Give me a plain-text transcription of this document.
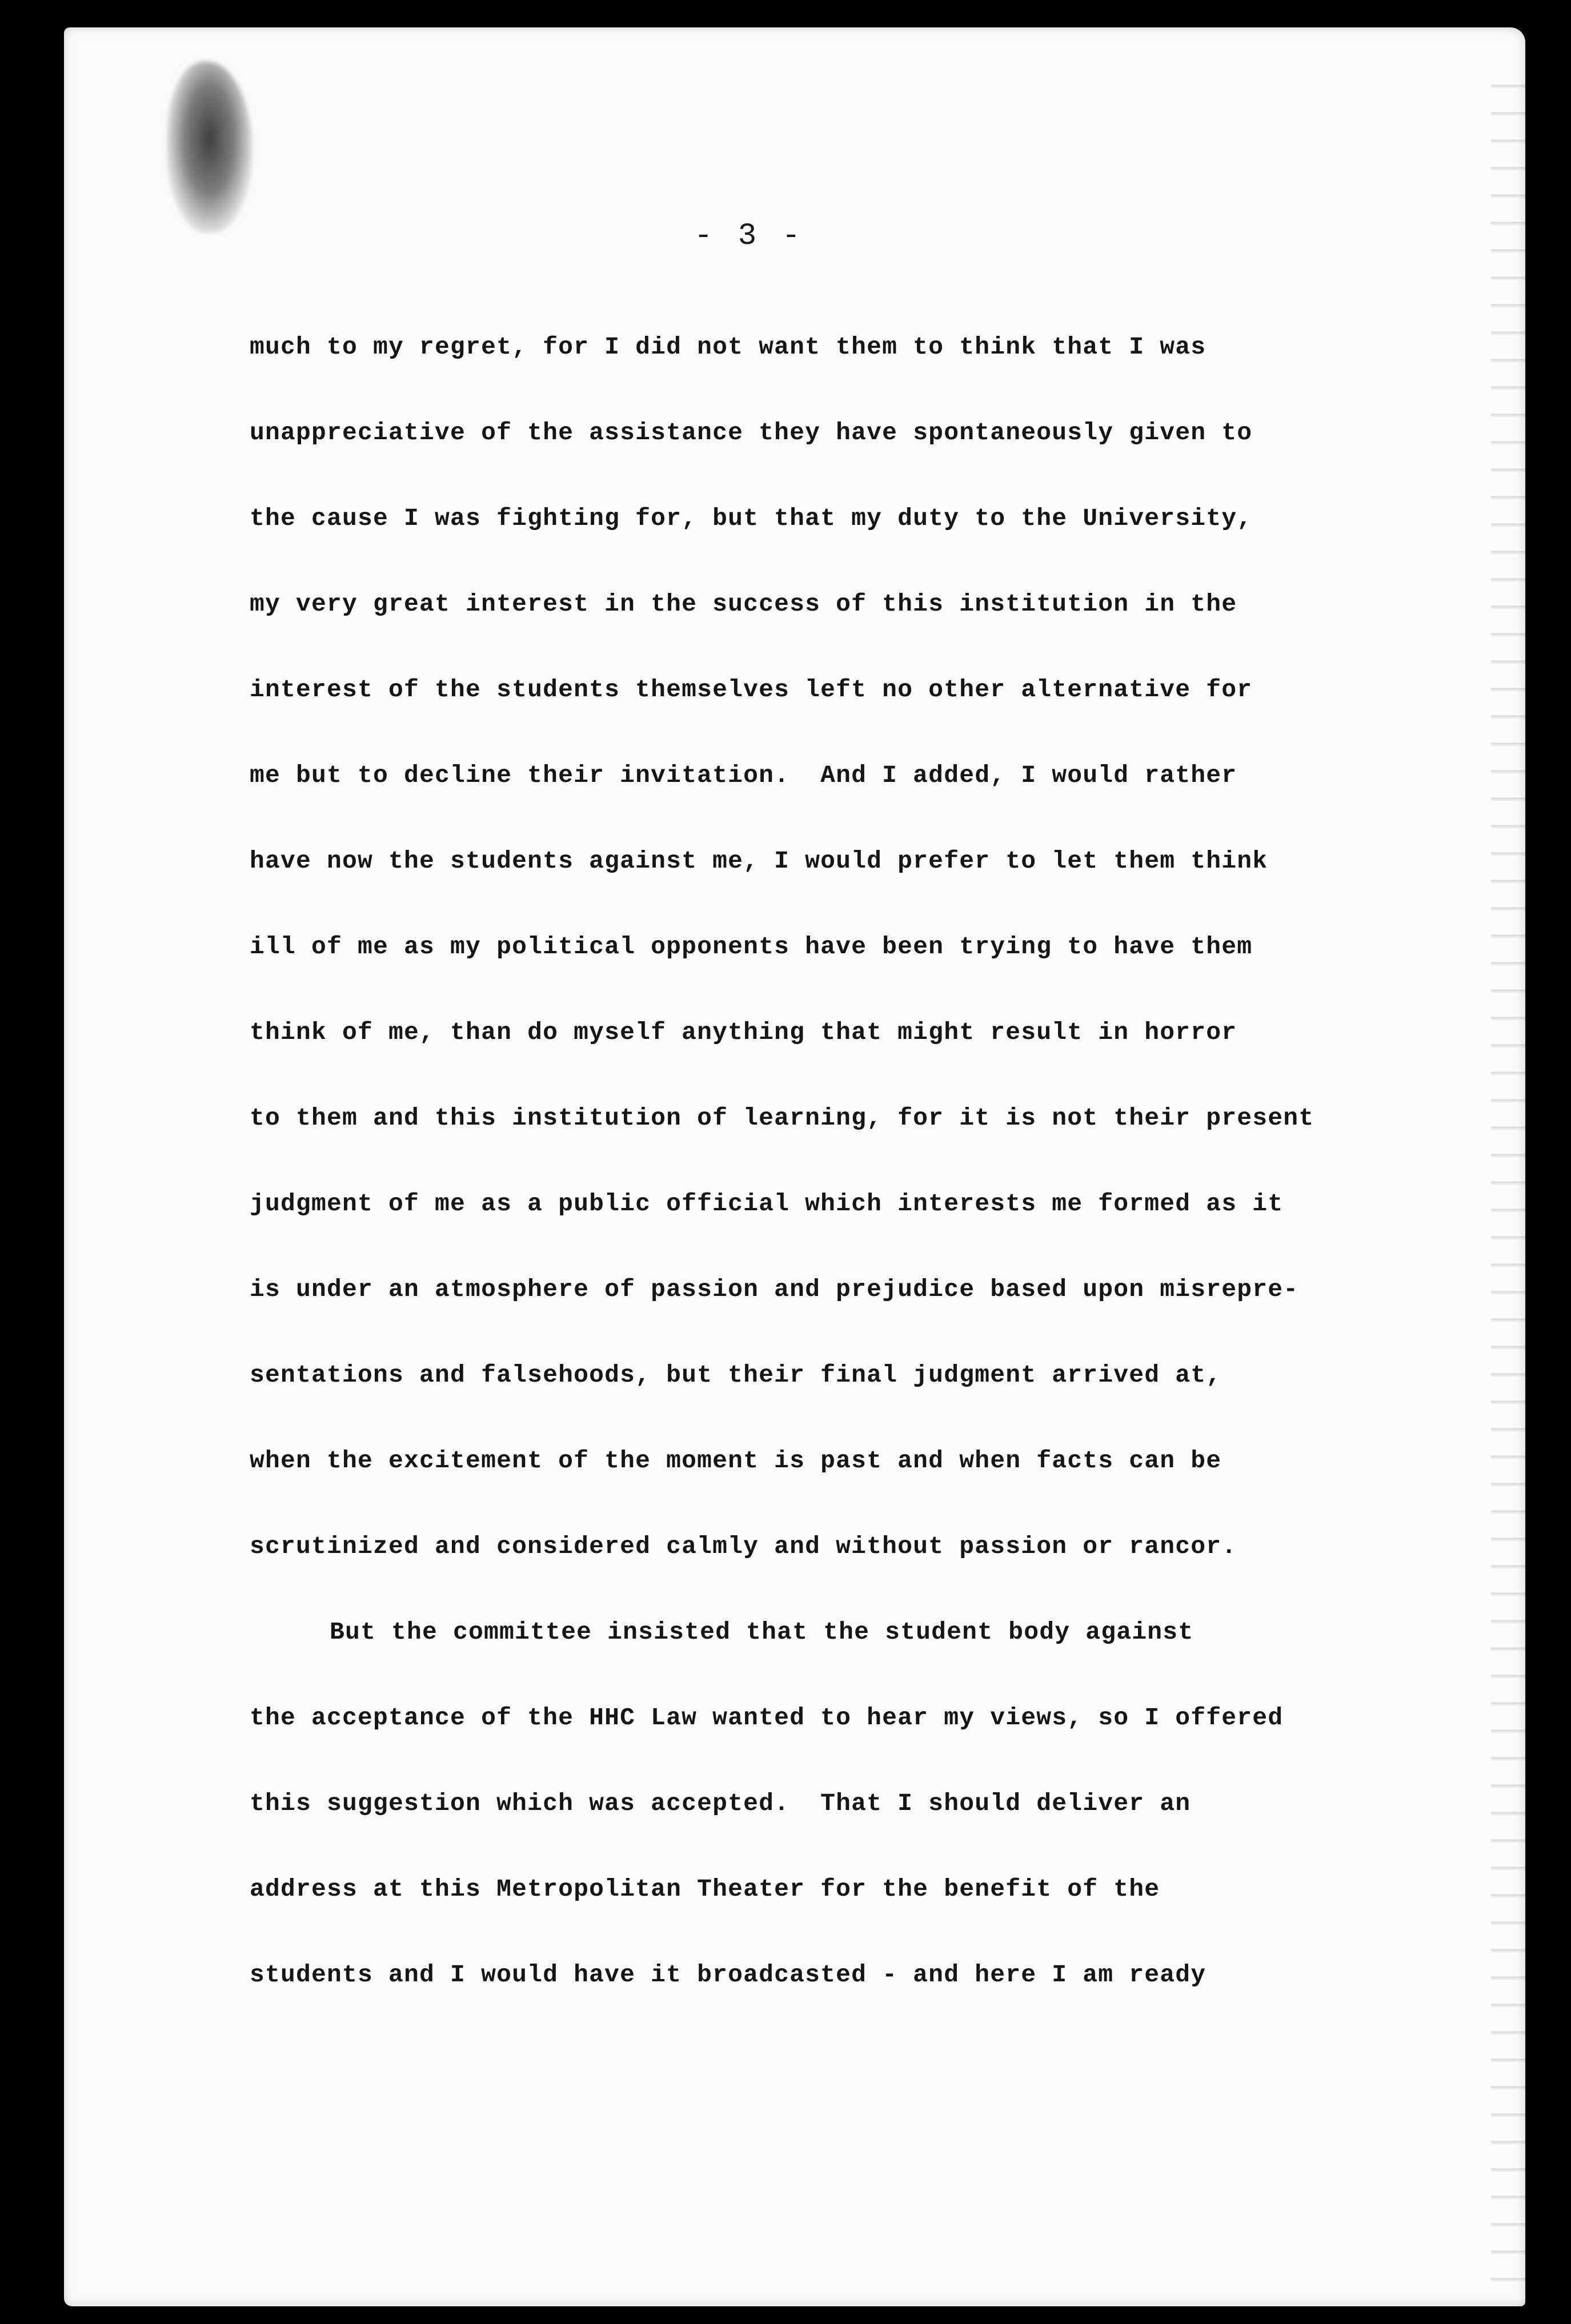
- 3 -
much to my regret, for I did not want them to think that I was
unappreciative of the assistance they have spontaneously given to
the cause I was fighting for, but that my duty to the University,
my very great interest in the success of this institution in the
interest of the students themselves left no other alternative for
me but to decline their invitation.  And I added, I would rather
have now the students against me, I would prefer to let them think
ill of me as my political opponents have been trying to have them
think of me, than do myself anything that might result in horror
to them and this institution of learning, for it is not their present
judgment of me as a public official which interests me formed as it
is under an atmosphere of passion and prejudice based upon misrepre-
sentations and falsehoods, but their final judgment arrived at,
when the excitement of the moment is past and when facts can be
scrutinized and considered calmly and without passion or rancor.
But the committee insisted that the student body against
the acceptance of the HHC Law wanted to hear my views, so I offered
this suggestion which was accepted.  That I should deliver an
address at this Metropolitan Theater for the benefit of the
students and I would have it broadcasted - and here I am ready
